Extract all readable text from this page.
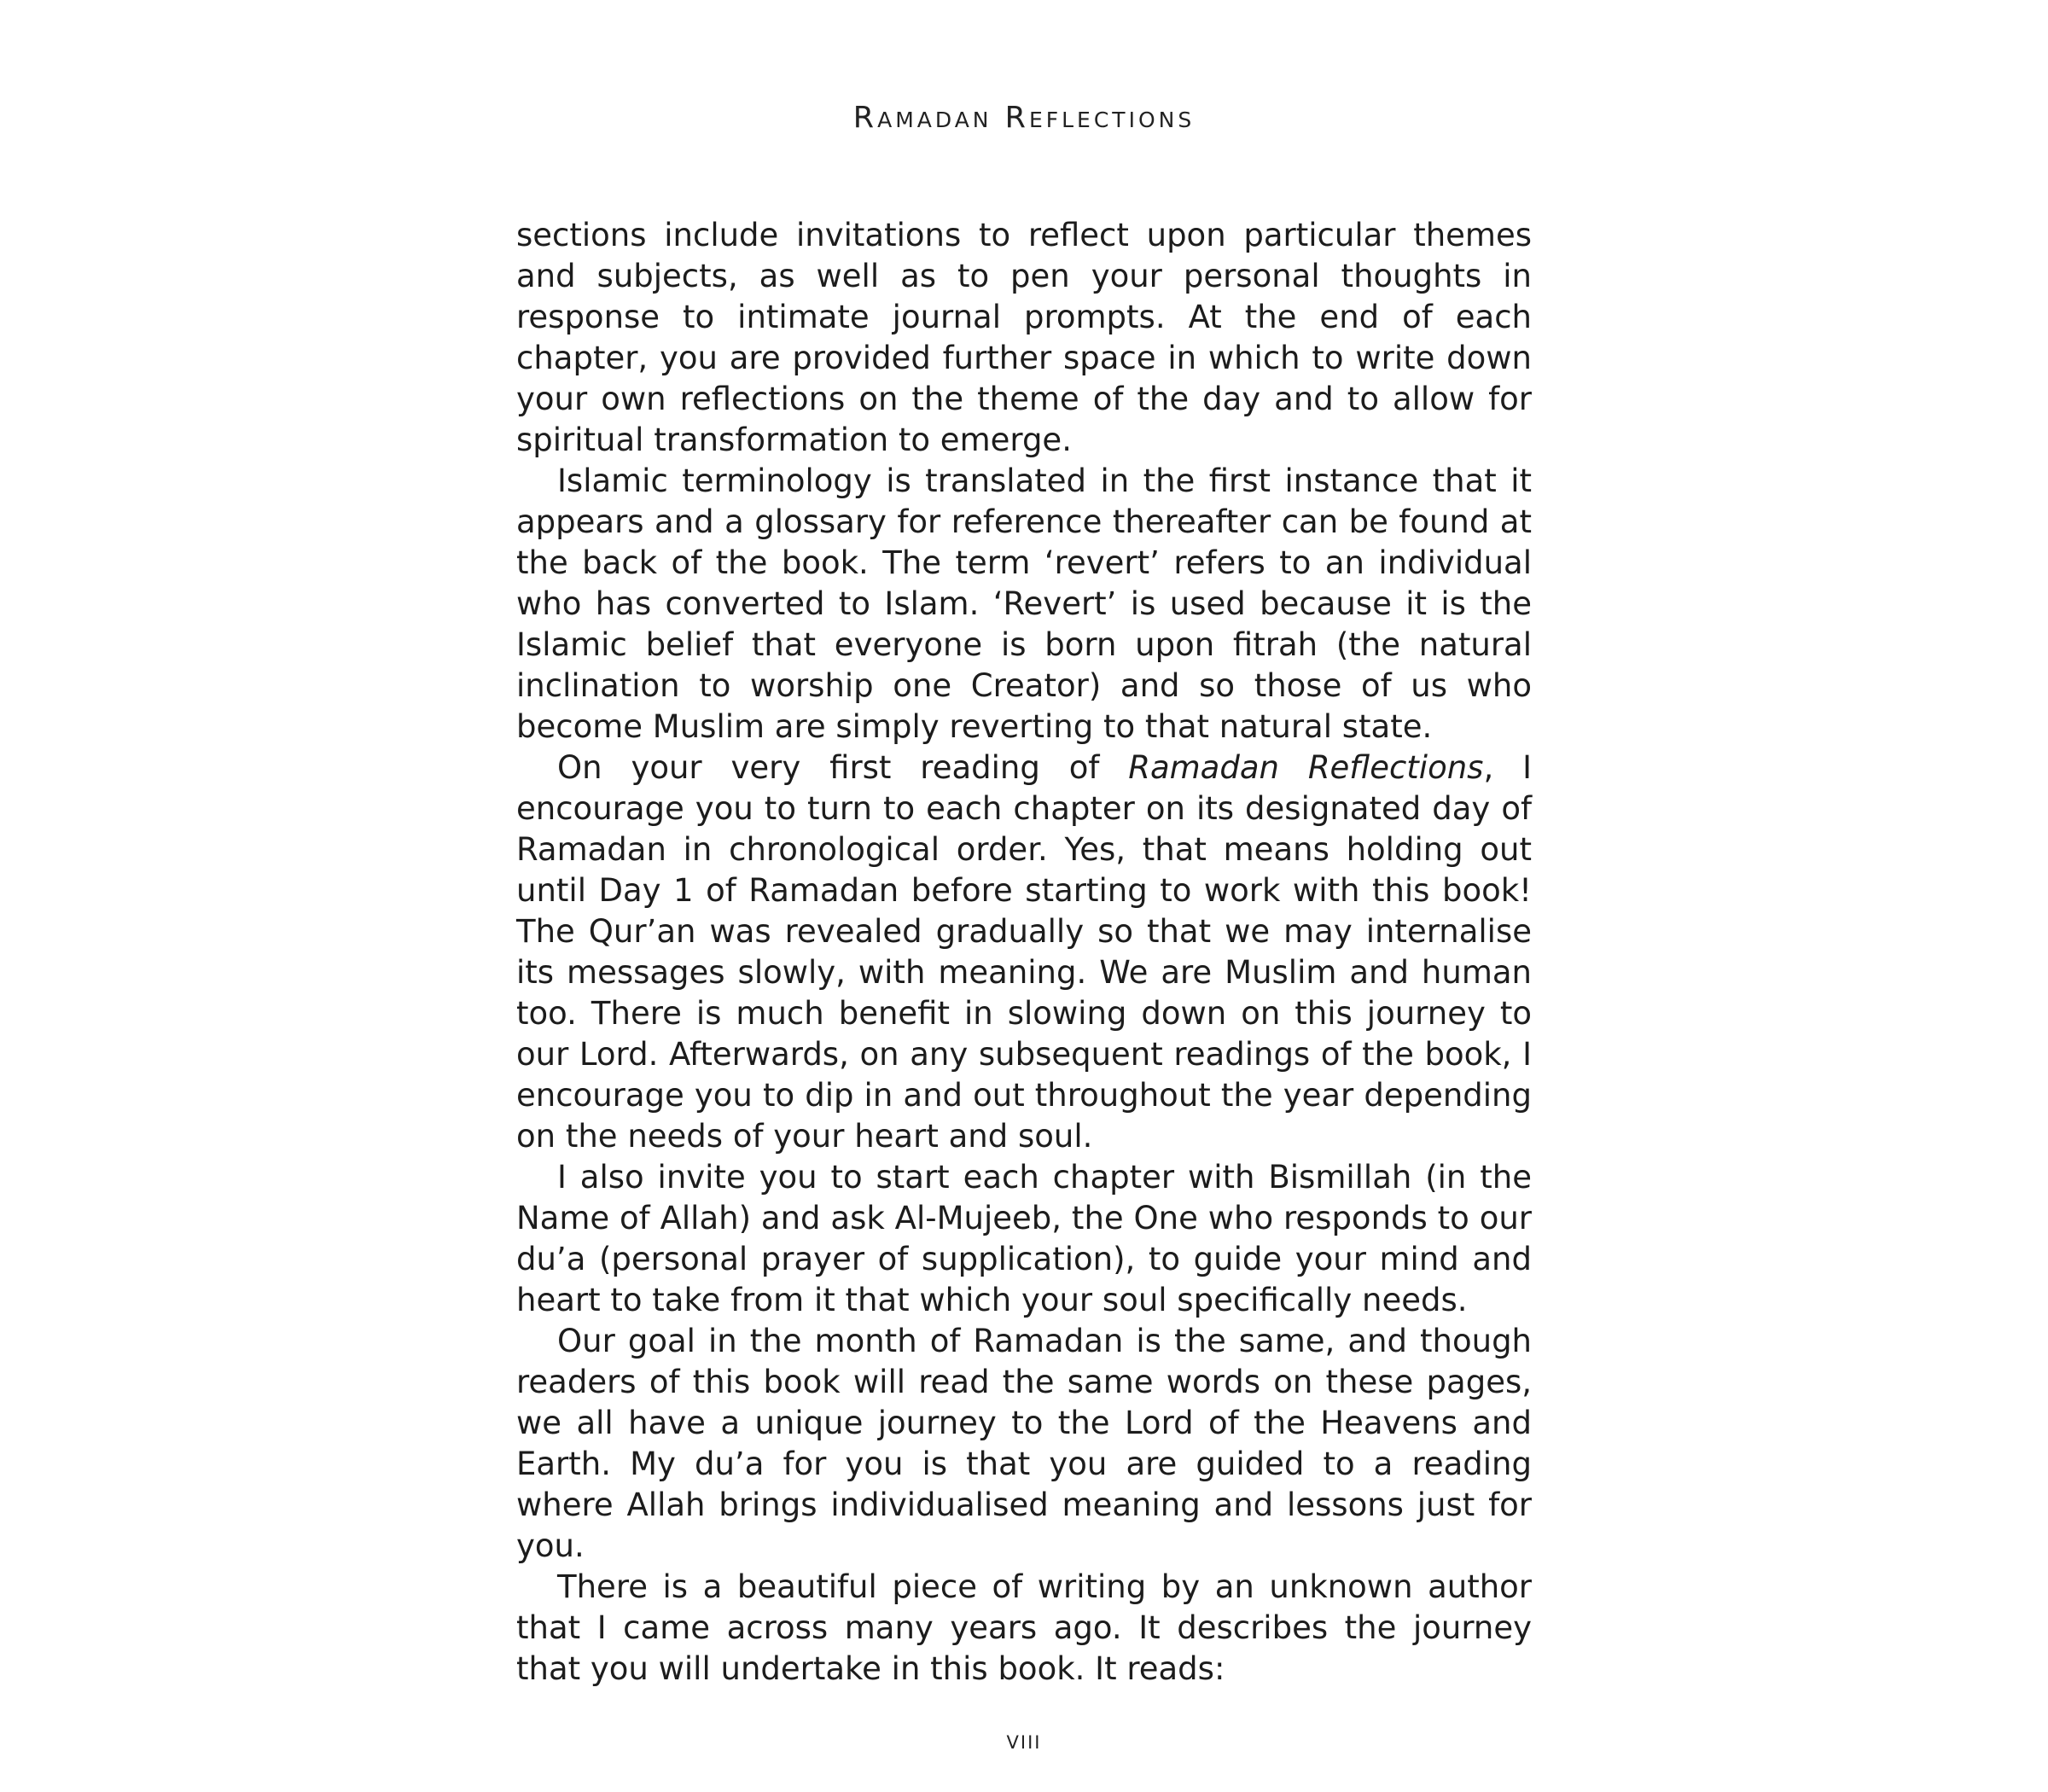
Ramadan Reflections

sections include invitations to reflect upon particular themes and subjects, as well as to pen your personal thoughts in response to intimate journal prompts. At the end of each chapter, you are provided further space in which to write down your own reflections on the theme of the day and to allow for spiritual transformation to emerge.

Islamic terminology is translated in the first instance that it appears and a glossary for reference thereafter can be found at the back of the book. The term ‘revert’ refers to an individual who has converted to Islam. ‘Revert’ is used because it is the Islamic belief that everyone is born upon fitrah (the natural inclination to worship one Creator) and so those of us who become Muslim are simply reverting to that natural state.

On your very first reading of Ramadan Reflections, I encourage you to turn to each chapter on its designated day of Ramadan in chronological order. Yes, that means holding out until Day 1 of Ramadan before starting to work with this book! The Qur’an was revealed gradually so that we may internalise its messages slowly, with meaning. We are Muslim and human too. There is much benefit in slowing down on this journey to our Lord. Afterwards, on any subsequent readings of the book, I encourage you to dip in and out throughout the year depending on the needs of your heart and soul.

I also invite you to start each chapter with Bismillah (in the Name of Allah) and ask Al-Mujeeb, the One who responds to our du’a (personal prayer of supplication), to guide your mind and heart to take from it that which your soul specifically needs.

Our goal in the month of Ramadan is the same, and though readers of this book will read the same words on these pages, we all have a unique journey to the Lord of the Heavens and Earth. My du’a for you is that you are guided to a reading where Allah brings individualised meaning and lessons just for you.

There is a beautiful piece of writing by an unknown author that I came across many years ago. It describes the journey that you will undertake in this book. It reads:

viii
